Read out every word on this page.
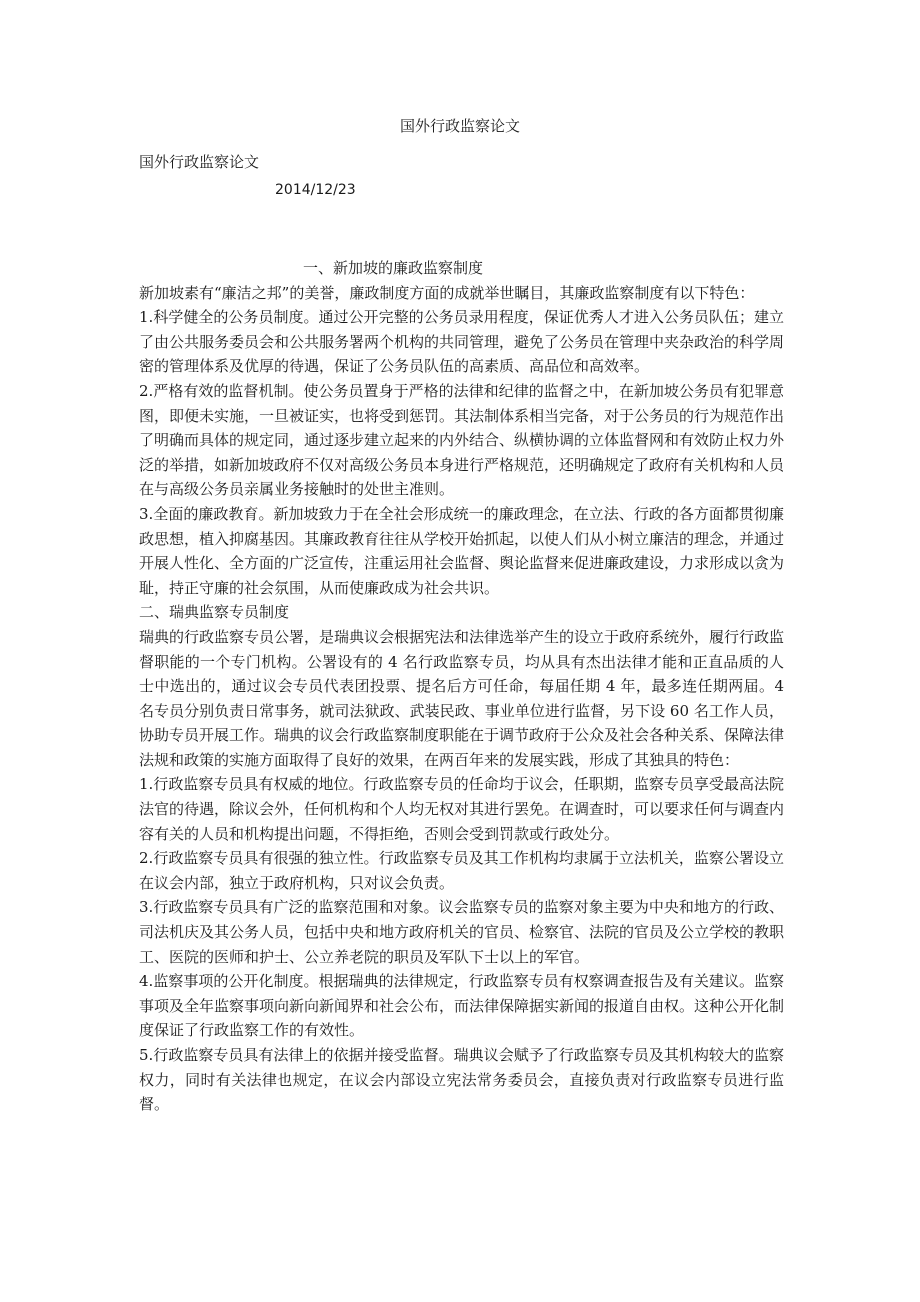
国外行政监察论文
国外行政监察论文
2014/12/23

一、新加坡的廉政监察制度

新加坡素有“廉洁之邦”的美誉，廉政制度方面的成就举世瞩目，其廉政监察制度有以下特色：

1.科学健全的公务员制度。通过公开完整的公务员录用程度，保证优秀人才进入公务员队伍；建立了由公共服务委员会和公共服务署两个机构的共同管理，避免了公务员在管理中夹杂政治的科学周密的管理体系及优厚的待遇，保证了公务员队伍的高素质、高品位和高效率。

2.严格有效的监督机制。使公务员置身于严格的法律和纪律的监督之中，在新加坡公务员有犯罪意图，即便未实施，一旦被证实，也将受到惩罚。其法制体系相当完备，对于公务员的行为规范作出了明确而具体的规定同，通过逐步建立起来的内外结合、纵横协调的立体监督网和有效防止权力外泛的举措，如新加坡政府不仅对高级公务员本身进行严格规范，还明确规定了政府有关机构和人员在与高级公务员亲属业务接触时的处世主准则。

3.全面的廉政教育。新加坡致力于在全社会形成统一的廉政理念，在立法、行政的各方面都贯彻廉政思想，植入抑腐基因。其廉政教育往往从学校开始抓起，以使人们从小树立廉洁的理念，并通过开展人性化、全方面的广泛宣传，注重运用社会监督、舆论监督来促进廉政建设，力求形成以贪为耻，持正守廉的社会氛围，从而使廉政成为社会共识。

二、瑞典监察专员制度

瑞典的行政监察专员公署，是瑞典议会根据宪法和法律选举产生的设立于政府系统外，履行行政监督职能的一个专门机构。公署设有的 4 名行政监察专员，均从具有杰出法律才能和正直品质的人士中选出的，通过议会专员代表团投票、提名后方可任命，每届任期 4 年，最多连任期两届。4 名专员分别负责日常事务，就司法狱政、武装民政、事业单位进行监督，另下设 60 名工作人员，协助专员开展工作。瑞典的议会行政监察制度职能在于调节政府于公众及社会各种关系、保障法律法规和政策的实施方面取得了良好的效果，在两百年来的发展实践，形成了其独具的特色：

1.行政监察专员具有权威的地位。行政监察专员的任命均于议会，任职期，监察专员享受最高法院法官的待遇，除议会外，任何机构和个人均无权对其进行罢免。在调查时，可以要求任何与调查内容有关的人员和机构提出问题，不得拒绝，否则会受到罚款或行政处分。

2.行政监察专员具有很强的独立性。行政监察专员及其工作机构均隶属于立法机关，监察公署设立在议会内部，独立于政府机构，只对议会负责。

3.行政监察专员具有广泛的监察范围和对象。议会监察专员的监察对象主要为中央和地方的行政、司法机庆及其公务人员，包括中央和地方政府机关的官员、检察官、法院的官员及公立学校的教职工、医院的医师和护士、公立养老院的职员及军队下士以上的军官。

4.监察事项的公开化制度。根据瑞典的法律规定，行政监察专员有权察调查报告及有关建议。监察事项及全年监察事项向新向新闻界和社会公布，而法律保障据实新闻的报道自由权。这种公开化制度保证了行政监察工作的有效性。

5.行政监察专员具有法律上的依据并接受监督。瑞典议会赋予了行政监察专员及其机构较大的监察权力，同时有关法律也规定，在议会内部设立宪法常务委员会，直接负责对行政监察专员进行监督。
